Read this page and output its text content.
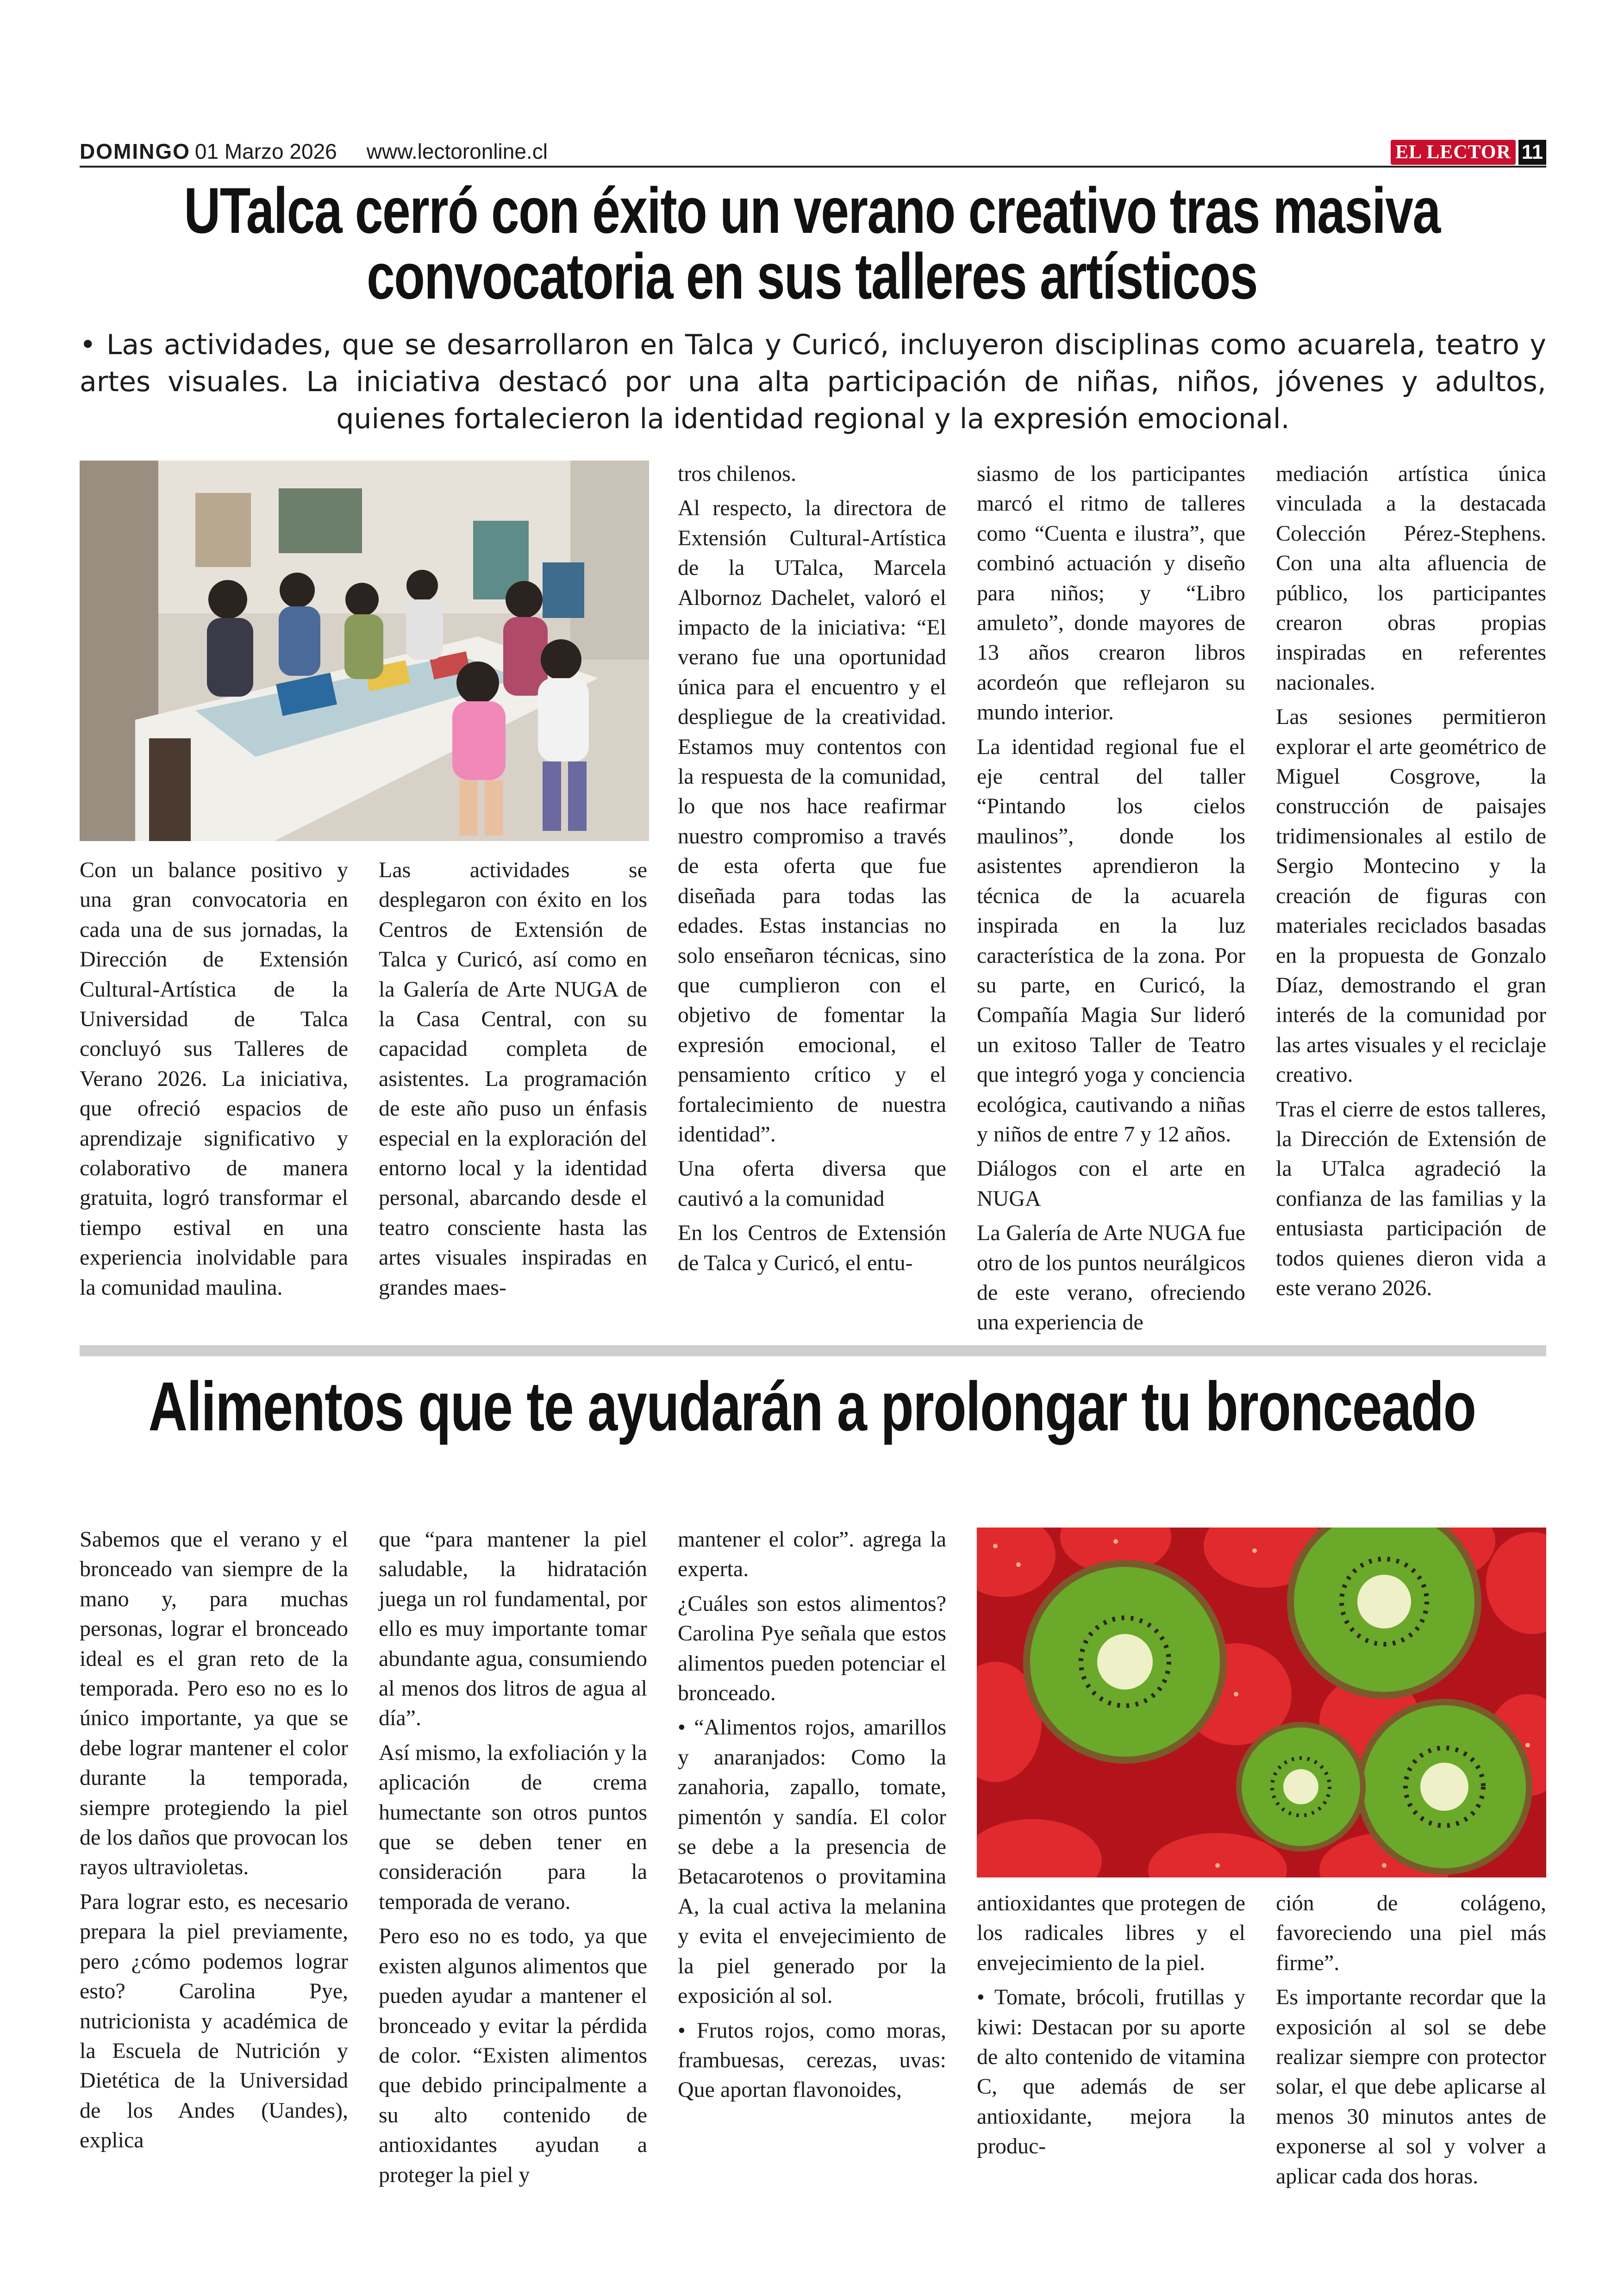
DOMINGO 01 Marzo 2026 www.lectoronline.cl	EL LECTOR 11
UTalca cerró con éxito un verano creativo tras masiva convocatoria en sus talleres artísticos
• Las actividades, que se desarrollaron en Talca y Curicó, incluyeron disciplinas como acuarela, teatro y artes visuales. La iniciativa destacó por una alta participación de niñas, niños, jóvenes y adultos, quienes fortalecieron la identidad regional y la expresión emocional.

Con un balance positivo y una gran convocatoria en cada una de sus jornadas, la Dirección de Extensión Cultural-Artística de la Universidad de Talca concluyó sus Talleres de Verano 2026. La iniciativa, que ofreció espacios de aprendizaje significativo y colaborativo de manera gratuita, logró transformar el tiempo estival en una experiencia inolvidable para la comunidad maulina.

Las actividades se desplegaron con éxito en los Centros de Extensión de Talca y Curicó, así como en la Galería de Arte NUGA de la Casa Central, con su capacidad completa de asistentes. La programación de este año puso un énfasis especial en la exploración del entorno local y la identidad personal, abarcando desde el teatro consciente hasta las artes visuales inspiradas en grandes maes-

tros chilenos.

Al respecto, la directora de Extensión Cultural-Artística de la UTalca, Marcela Albornoz Dachelet, valoró el impacto de la iniciativa: “El verano fue una oportunidad única para el encuentro y el despliegue de la creatividad. Estamos muy contentos con la respuesta de la comunidad, lo que nos hace reafirmar nuestro compromiso a través de esta oferta que fue diseñada para todas las edades. Estas instancias no solo enseñaron técnicas, sino que cumplieron con el objetivo de fomentar la expresión emocional, el pensamiento crítico y el fortalecimiento de nuestra identidad”.

Una oferta diversa que cautivó a la comunidad

En los Centros de Extensión de Talca y Curicó, el entu-

siasmo de los participantes marcó el ritmo de talleres como “Cuenta e ilustra”, que combinó actuación y diseño para niños; y “Libro amuleto”, donde mayores de 13 años crearon libros acordeón que reflejaron su mundo interior.

La identidad regional fue el eje central del taller “Pintando los cielos maulinos”, donde los asistentes aprendieron la técnica de la acuarela inspirada en la luz característica de la zona. Por su parte, en Curicó, la Compañía Magia Sur lideró un exitoso Taller de Teatro que integró yoga y conciencia ecológica, cautivando a niñas y niños de entre 7 y 12 años.

Diálogos con el arte en NUGA

La Galería de Arte NUGA fue otro de los puntos neurálgicos de este verano, ofreciendo una experiencia de

mediación artística única vinculada a la destacada Colección Pérez-Stephens. Con una alta afluencia de público, los participantes crearon obras propias inspiradas en referentes nacionales.

Las sesiones permitieron explorar el arte geométrico de Miguel Cosgrove, la construcción de paisajes tridimensionales al estilo de Sergio Montecino y la creación de figuras con materiales reciclados basadas en la propuesta de Gonzalo Díaz, demostrando el gran interés de la comunidad por las artes visuales y el reciclaje creativo.

Tras el cierre de estos talleres, la Dirección de Extensión de la UTalca agradeció la confianza de las familias y la entusiasta participación de todos quienes dieron vida a este verano 2026.

Alimentos que te ayudarán a prolongar tu bronceado

Sabemos que el verano y el bronceado van siempre de la mano y, para muchas personas, lograr el bronceado ideal es el gran reto de la temporada. Pero eso no es lo único importante, ya que se debe lograr mantener el color durante la temporada, siempre protegiendo la piel de los daños que provocan los rayos ultravioletas.

Para lograr esto, es necesario prepara la piel previamente, pero ¿cómo podemos lograr esto? Carolina Pye, nutricionista y académica de la Escuela de Nutrición y Dietética de la Universidad de los Andes (Uandes), explica

que “para mantener la piel saludable, la hidratación juega un rol fundamental, por ello es muy importante tomar abundante agua, consumiendo al menos dos litros de agua al día”.

Así mismo, la exfoliación y la aplicación de crema humectante son otros puntos que se deben tener en consideración para la temporada de verano.

Pero eso no es todo, ya que existen algunos alimentos que pueden ayudar a mantener el bronceado y evitar la pérdida de color. “Existen alimentos que debido principalmente a su alto contenido de antioxidantes ayudan a proteger la piel y

mantener el color”. agrega la experta.

¿Cuáles son estos alimentos? Carolina Pye señala que estos alimentos pueden potenciar el bronceado.

• “Alimentos rojos, amarillos y anaranjados: Como la zanahoria, zapallo, tomate, pimentón y sandía. El color se debe a la presencia de Betacarotenos o provitamina A, la cual activa la melanina y evita el envejecimiento de la piel generado por la exposición al sol.

• Frutos rojos, como moras, frambuesas, cerezas, uvas: Que aportan flavonoides,

antioxidantes que protegen de los radicales libres y el envejecimiento de la piel.

• Tomate, brócoli, frutillas y kiwi: Destacan por su aporte de alto contenido de vitamina C, que además de ser antioxidante, mejora la produc-

ción de colágeno, favoreciendo una piel más firme”.

Es importante recordar que la exposición al sol se debe realizar siempre con protector solar, el que debe aplicarse al menos 30 minutos antes de exponerse al sol y volver a aplicar cada dos horas.
